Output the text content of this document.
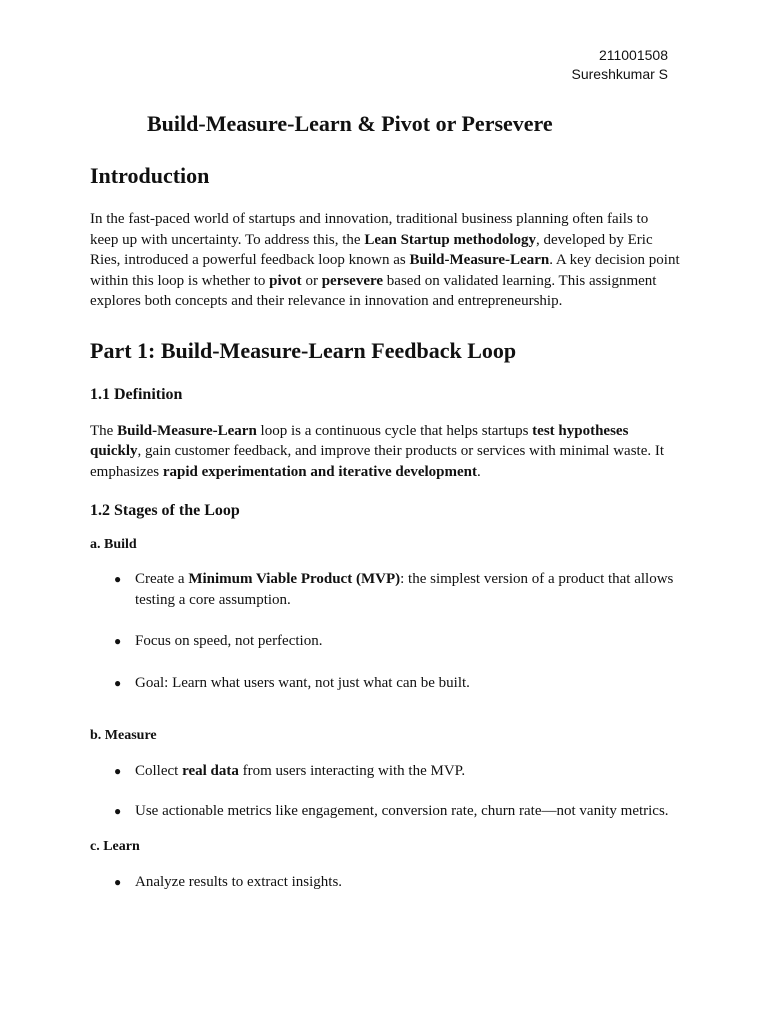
211001508
Sureshkumar S
Build-Measure-Learn & Pivot or Persevere
Introduction

In the fast-paced world of startups and innovation, traditional business planning often fails to keep up with uncertainty. To address this, the Lean Startup methodology, developed by Eric Ries, introduced a powerful feedback loop known as Build-Measure-Learn. A key decision point within this loop is whether to pivot or persevere based on validated learning. This assignment explores both concepts and their relevance in innovation and entrepreneurship.

Part 1: Build-Measure-Learn Feedback Loop
1.1 Definition

The Build-Measure-Learn loop is a continuous cycle that helps startups test hypotheses quickly, gain customer feedback, and improve their products or services with minimal waste. It emphasizes rapid experimentation and iterative development.

1.2 Stages of the Loop
a. Build
● Create a Minimum Viable Product (MVP): the simplest version of a product that allows testing a core assumption.
● Focus on speed, not perfection.
● Goal: Learn what users want, not just what can be built.
b. Measure
● Collect real data from users interacting with the MVP.
● Use actionable metrics like engagement, conversion rate, churn rate—not vanity metrics.
c. Learn
● Analyze results to extract insights.
